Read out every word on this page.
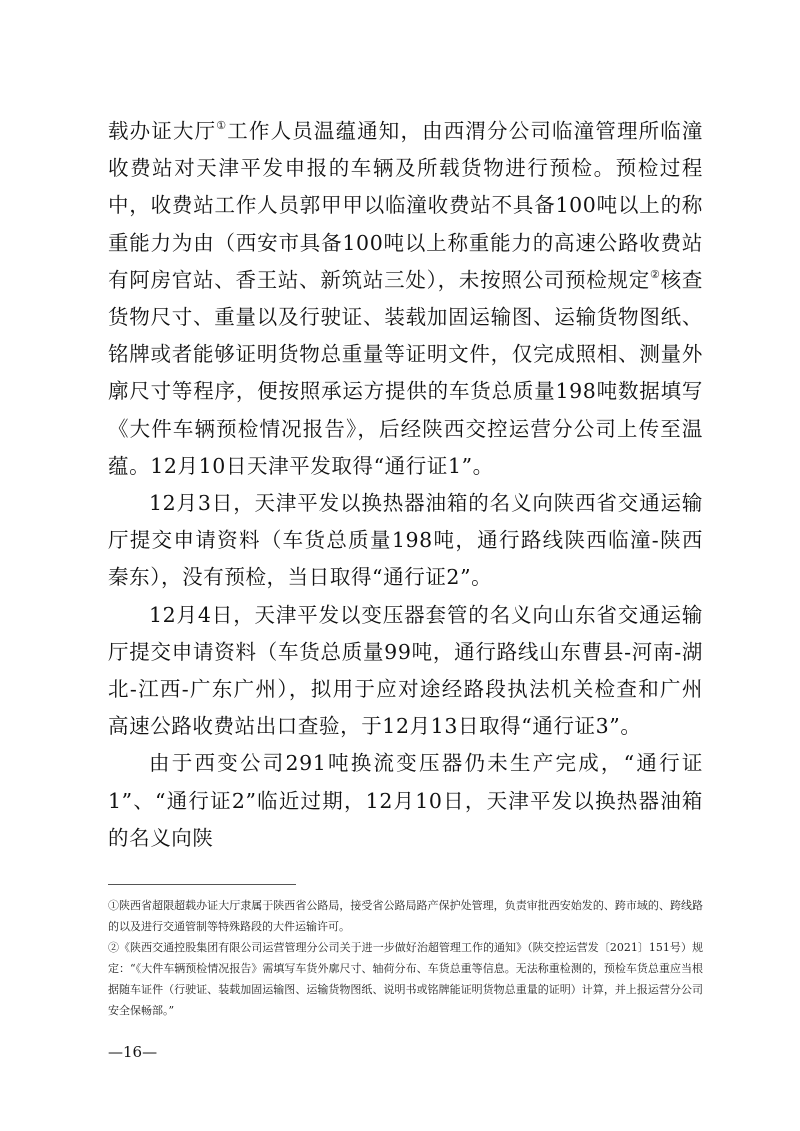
载办证大厅①工作人员温蕴通知，由西渭分公司临潼管理所临潼收费站对天津平发申报的车辆及所载货物进行预检。预检过程中，收费站工作人员郭甲甲以临潼收费站不具备100吨以上的称重能力为由（西安市具备100吨以上称重能力的高速公路收费站有阿房官站、香王站、新筑站三处），未按照公司预检规定②核查货物尺寸、重量以及行驶证、装载加固运输图、运输货物图纸、铭牌或者能够证明货物总重量等证明文件，仅完成照相、测量外廓尺寸等程序，便按照承运方提供的车货总质量198吨数据填写《大件车辆预检情况报告》，后经陕西交控运营分公司上传至温蕴。12月10日天津平发取得“通行证1”。

12月3日，天津平发以换热器油箱的名义向陕西省交通运输厅提交申请资料（车货总质量198吨，通行路线陕西临潼-陕西秦东），没有预检，当日取得“通行证2”。

12月4日，天津平发以变压器套管的名义向山东省交通运输厅提交申请资料（车货总质量99吨，通行路线山东曹县-河南-湖北-江西-广东广州），拟用于应对途经路段执法机关检查和广州高速公路收费站出口查验，于12月13日取得“通行证3”。

由于西变公司291吨换流变压器仍未生产完成，“通行证1”、“通行证2”临近过期，12月10日，天津平发以换热器油箱的名义向陕

①陕西省超限超载办证大厅隶属于陕西省公路局，接受省公路局路产保护处管理，负责审批西安始发的、跨市域的、跨线路的以及进行交通管制等特殊路段的大件运输许可。

②《陕西交通控股集团有限公司运营管理分公司关于进一步做好治超管理工作的通知》（陕交控运营发〔2021〕151号）规定：“《大件车辆预检情况报告》需填写车货外廓尺寸、轴荷分布、车货总重等信息。无法称重检测的，预检车货总重应当根据随车证件（行驶证、装载加固运输图、运输货物图纸、说明书或铭牌能证明货物总重量的证明）计算，并上报运营分公司安全保畅部。”

—16—
